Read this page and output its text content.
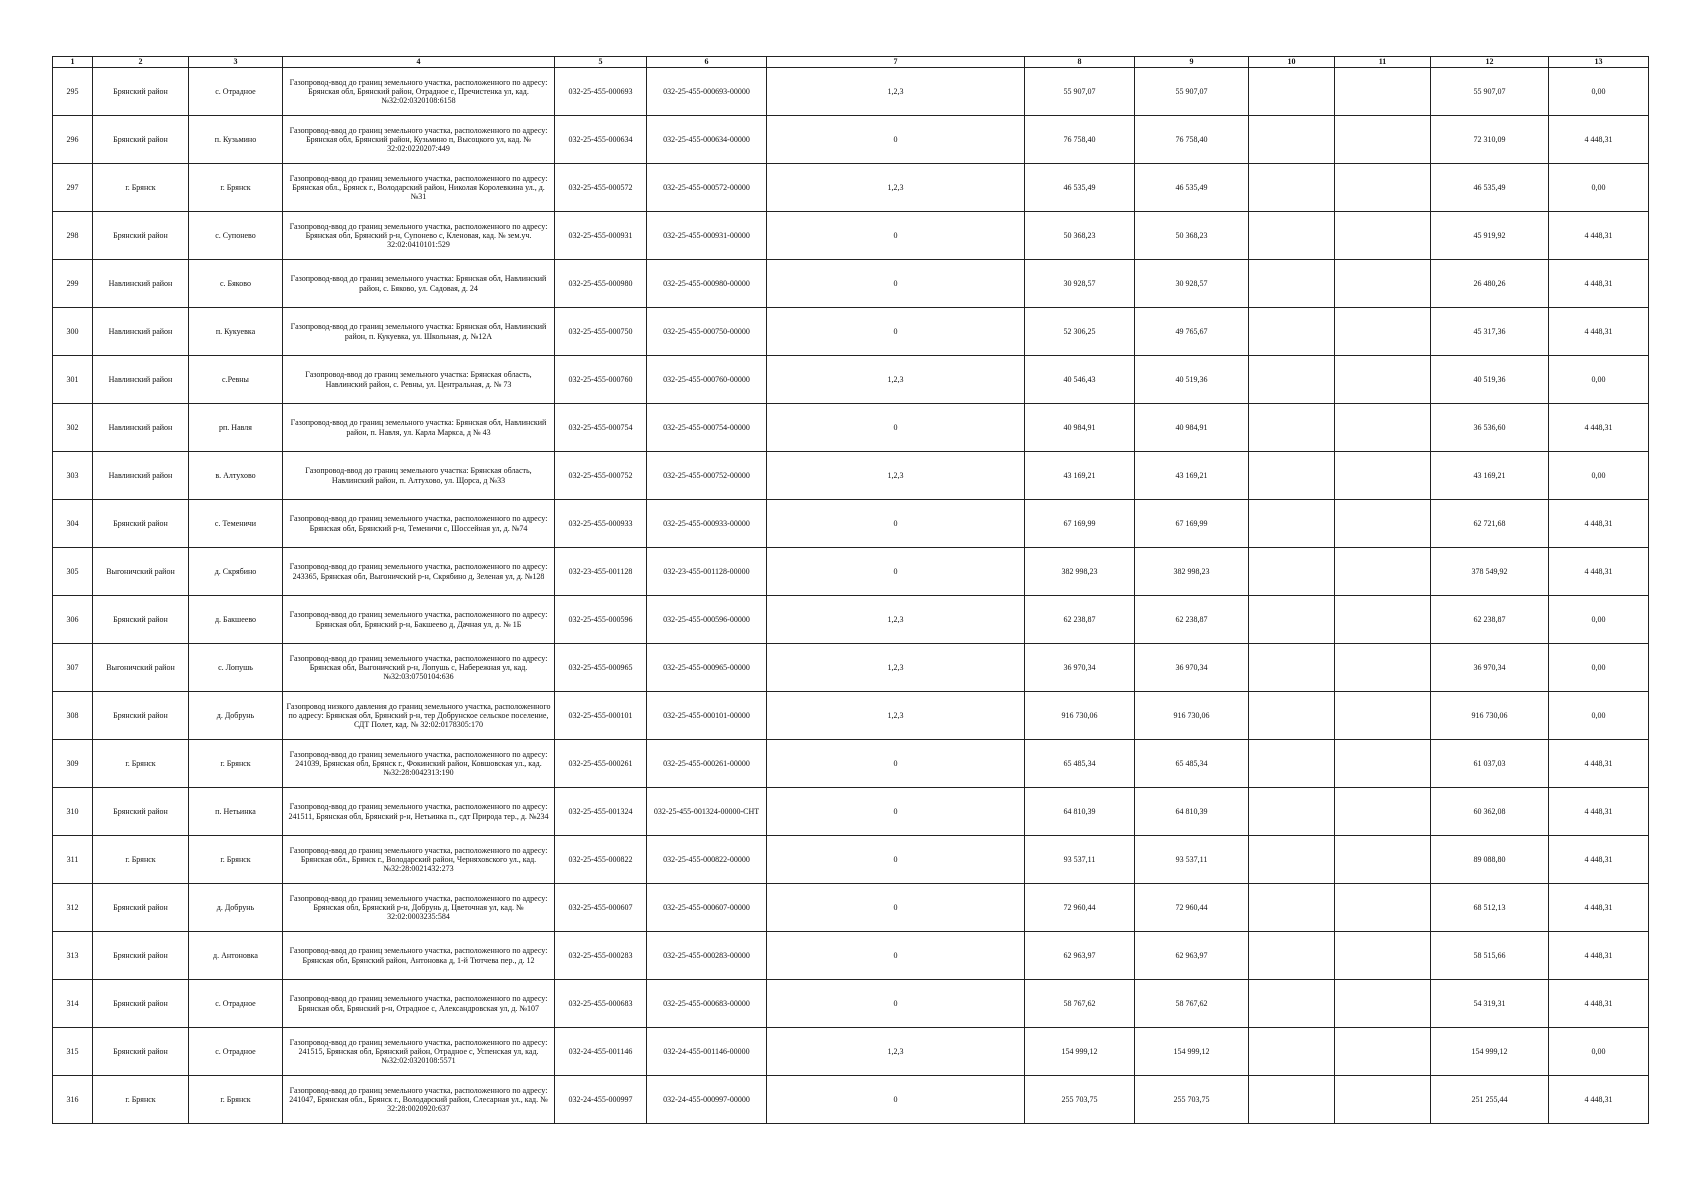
1	2	3	4	5	6	7	8	9	10	11	12	13
295	Брянский район	с. Отрадное	Газопровод-ввод до границ земельного участка, расположенного по адресу: Брянская обл, Брянский район, Отрадное с, Пречистенка ул, кад. №32:02:0320108:6158	032-25-455-000693	032-25-455-000693-00000	1,2,3	55 907,07	55 907,07			55 907,07	0,00
296	Брянский район	п. Кузьмино	Газопровод-ввод до границ земельного участка, расположенного по адресу: Брянская обл, Брянский район, Кузьмино п, Высоцкого ул, кад. № 32:02:0220207:449	032-25-455-000634	032-25-455-000634-00000	0	76 758,40	76 758,40			72 310,09	4 448,31
297	г. Брянск	г. Брянск	Газопровод-ввод до границ земельного участка, расположенного по адресу: Брянская обл., Брянск г., Володарский район, Николая Королевкина ул., д. №31	032-25-455-000572	032-25-455-000572-00000	1,2,3	46 535,49	46 535,49			46 535,49	0,00
298	Брянский район	с. Супонево	Газопровод-ввод до границ земельного участка, расположенного по адресу: Брянская обл, Брянский р-н, Супонево с, Кленовая, кад. № зем.уч. 32:02:0410101:529	032-25-455-000931	032-25-455-000931-00000	0	50 368,23	50 368,23			45 919,92	4 448,31
299	Навлинский район	с. Бяково	Газопровод-ввод до границ земельного участка: Брянская обл, Навлинский район, с. Бяково, ул. Садовая, д. 24	032-25-455-000980	032-25-455-000980-00000	0	30 928,57	30 928,57			26 480,26	4 448,31
300	Навлинский район	п. Кукуевка	Газопровод-ввод до границ земельного участка: Брянская обл, Навлинский район, п. Кукуевка, ул. Школьная, д. №12А	032-25-455-000750	032-25-455-000750-00000	0	52 306,25	49 765,67			45 317,36	4 448,31
301	Навлинский район	с.Ревны	Газопровод-ввод до границ земельного участка: Брянская область, Навлинский район, с. Ревны, ул. Центральная, д. № 73	032-25-455-000760	032-25-455-000760-00000	1,2,3	40 546,43	40 519,36			40 519,36	0,00
302	Навлинский район	рп. Навля	Газопровод-ввод до границ земельного участка: Брянская обл, Навлинский район, п. Навля, ул. Карла Маркса, д № 43	032-25-455-000754	032-25-455-000754-00000	0	40 984,91	40 984,91			36 536,60	4 448,31
303	Навлинский район	в. Алтухово	Газопровод-ввод до границ земельного участка: Брянская область, Навлинский район, п. Алтухово, ул. Щорса, д №33	032-25-455-000752	032-25-455-000752-00000	1,2,3	43 169,21	43 169,21			43 169,21	0,00
304	Брянский район	с. Теменичи	Газопровод-ввод до границ земельного участка, расположенного по адресу: Брянская обл, Брянский р-н, Теменичи с, Шоссейная ул, д. №74	032-25-455-000933	032-25-455-000933-00000	0	67 169,99	67 169,99			62 721,68	4 448,31
305	Выгоничский район	д. Скрябино	Газопровод-ввод до границ земельного участка, расположенного по адресу: 243365, Брянская обл, Выгоничский р-н, Скрябино д, Зеленая ул, д. №128	032-23-455-001128	032-23-455-001128-00000	0	382 998,23	382 998,23			378 549,92	4 448,31
306	Брянский район	д. Бакшеево	Газопровод-ввод до границ земельного участка, расположенного по адресу: Брянская обл, Брянский р-н, Бакшеево д, Дачная ул, д. № 1Б	032-25-455-000596	032-25-455-000596-00000	1,2,3	62 238,87	62 238,87			62 238,87	0,00
307	Выгоничский район	с. Лопушь	Газопровод-ввод до границ земельного участка, расположенного по адресу: Брянская обл, Выгоничский р-н, Лопушь с, Набережная ул, кад. №32:03:0750104:636	032-25-455-000965	032-25-455-000965-00000	1,2,3	36 970,34	36 970,34			36 970,34	0,00
308	Брянский район	д. Добрунь	Газопровод низкого давления до границ земельного участка, расположенного по адресу: Брянская обл, Брянский р-н, тер Добрунское сельское поселение, СДТ Полет, кад. № 32:02:0178305:170	032-25-455-000101	032-25-455-000101-00000	1,2,3	916 730,06	916 730,06			916 730,06	0,00
309	г. Брянск	г. Брянск	Газопровод-ввод до границ земельного участка, расположенного по адресу: 241039, Брянская обл, Брянск г., Фокинский район, Ковшовская ул., кад. №32:28:0042313:190	032-25-455-000261	032-25-455-000261-00000	0	65 485,34	65 485,34			61 037,03	4 448,31
310	Брянский район	п. Нетьинка	Газопровод-ввод до границ земельного участка, расположенного по адресу: 241511, Брянская обл, Брянский р-н, Нетьинка п., сдт Природа тер., д. №234	032-25-455-001324	032-25-455-001324-00000-СНТ	0	64 810,39	64 810,39			60 362,08	4 448,31
311	г. Брянск	г. Брянск	Газопровод-ввод до границ земельного участка, расположенного по адресу: Брянская обл., Брянск г., Володарский район, Черняховского ул., кад. №32:28:0021432:273	032-25-455-000822	032-25-455-000822-00000	0	93 537,11	93 537,11			89 088,80	4 448,31
312	Брянский район	д. Добрунь	Газопровод-ввод до границ земельного участка, расположенного по адресу: Брянская обл, Брянский р-н, Добрунь д, Цветочная ул, кад. № 32:02:0003235:584	032-25-455-000607	032-25-455-000607-00000	0	72 960,44	72 960,44			68 512,13	4 448,31
313	Брянский район	д. Антоновка	Газопровод-ввод до границ земельного участка, расположенного по адресу: Брянская обл, Брянский район, Антоновка д, 1-й Тютчева пер., д. 12	032-25-455-000283	032-25-455-000283-00000	0	62 963,97	62 963,97			58 515,66	4 448,31
314	Брянский район	с. Отрадное	Газопровод-ввод до границ земельного участка, расположенного по адресу: Брянская обл, Брянский р-н, Отрадное с, Александровская ул, д. №107	032-25-455-000683	032-25-455-000683-00000	0	58 767,62	58 767,62			54 319,31	4 448,31
315	Брянский район	с. Отрадное	Газопровод-ввод до границ земельного участка, расположенного по адресу: 241515, Брянская обл, Брянский район, Отрадное с, Успенская ул, кад. №32:02:0320108:5571	032-24-455-001146	032-24-455-001146-00000	1,2,3	154 999,12	154 999,12			154 999,12	0,00
316	г. Брянск	г. Брянск	Газопровод-ввод до границ земельного участка, расположенного по адресу: 241047, Брянская обл., Брянск г., Володарский район, Слесарная ул., кад. № 32:28:0020920:637	032-24-455-000997	032-24-455-000997-00000	0	255 703,75	255 703,75			251 255,44	4 448,31
